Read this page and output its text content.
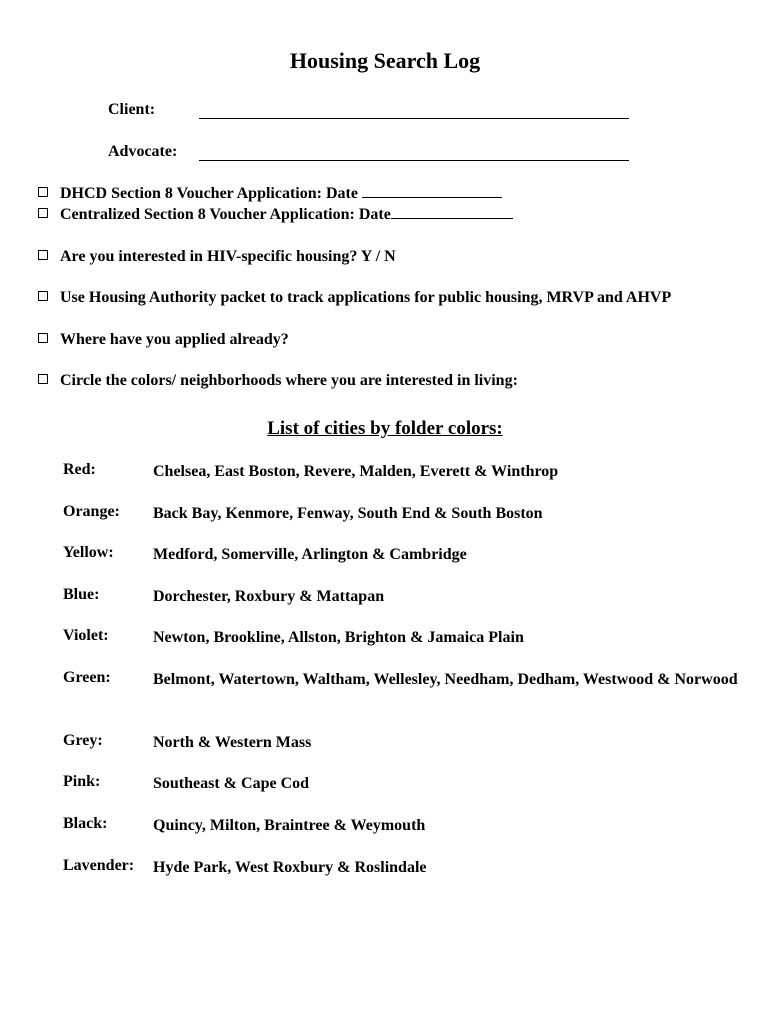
Housing Search Log
Client:
Advocate:
DHCD Section 8 Voucher Application: Date
Centralized Section 8 Voucher Application: Date
Are you interested in HIV-specific housing? Y / N
Use Housing Authority packet to track applications for public housing, MRVP and AHVP
Where have you applied already?
Circle the colors/ neighborhoods where you are interested in living:
List of cities by folder colors:
Red:	Chelsea, East Boston, Revere, Malden, Everett & Winthrop
Orange: Back Bay, Kenmore, Fenway, South End & South Boston
Yellow: Medford, Somerville, Arlington & Cambridge
Blue:	Dorchester, Roxbury & Mattapan
Violet:	Newton, Brookline, Allston, Brighton & Jamaica Plain
Green:	Belmont, Watertown, Waltham, Wellesley, Needham, Dedham, Westwood & Norwood
Grey:	North & Western Mass
Pink:	Southeast & Cape Cod
Black:	Quincy, Milton, Braintree & Weymouth
Lavender: Hyde Park, West Roxbury & Roslindale
